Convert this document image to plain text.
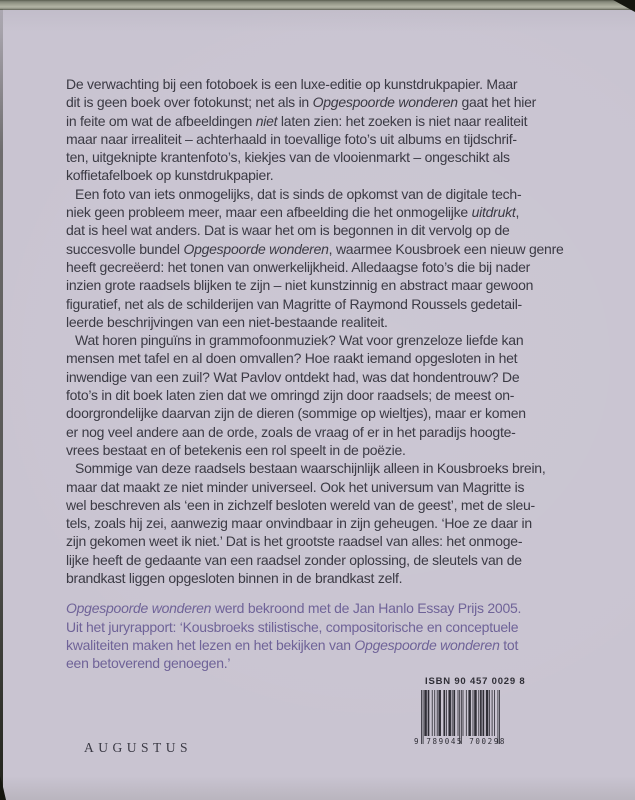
De verwachting bij een fotoboek is een luxe-editie op kunstdrukpapier. Maar
dit is geen boek over fotokunst; net als in Opgespoorde wonderen gaat het hier
in feite om wat de afbeeldingen niet laten zien: het zoeken is niet naar realiteit
maar naar irrealiteit – achterhaald in toevallige foto’s uit albums en tijdschrif-
ten, uitgeknipte krantenfoto’s, kiekjes van de vlooienmarkt – ongeschikt als
koffietafelboek op kunstdrukpapier.
Een foto van iets onmogelijks, dat is sinds de opkomst van de digitale tech-
niek geen probleem meer, maar een afbeelding die het onmogelijke uitdrukt,
dat is heel wat anders. Dat is waar het om is begonnen in dit vervolg op de
succesvolle bundel Opgespoorde wonderen, waarmee Kousbroek een nieuw genre
heeft gecreëerd: het tonen van onwerkelijkheid. Alledaagse foto’s die bij nader
inzien grote raadsels blijken te zijn – niet kunstzinnig en abstract maar gewoon
figuratief, net als de schilderijen van Magritte of Raymond Roussels gedetail-
leerde beschrijvingen van een niet-bestaande realiteit.
Wat horen pinguïns in grammofoonmuziek? Wat voor grenzeloze liefde kan
mensen met tafel en al doen omvallen? Hoe raakt iemand opgesloten in het
inwendige van een zuil? Wat Pavlov ontdekt had, was dat hondentrouw? De
foto’s in dit boek laten zien dat we omringd zijn door raadsels; de meest on-
doorgrondelijke daarvan zijn de dieren (sommige op wieltjes), maar er komen
er nog veel andere aan de orde, zoals de vraag of er in het paradijs hoogte-
vrees bestaat en of betekenis een rol speelt in de poëzie.
Sommige van deze raadsels bestaan waarschijnlijk alleen in Kousbroeks brein,
maar dat maakt ze niet minder universeel. Ook het universum van Magritte is
wel beschreven als ‘een in zichzelf besloten wereld van de geest’, met de sleu-
tels, zoals hij zei, aanwezig maar onvindbaar in zijn geheugen. ‘Hoe ze daar in
zijn gekomen weet ik niet.’ Dat is het grootste raadsel van alles: het onmoge-
lijke heeft de gedaante van een raadsel zonder oplossing, de sleutels van de
brandkast liggen opgesloten binnen in de brandkast zelf.
Opgespoorde wonderen werd bekroond met de Jan Hanlo Essay Prijs 2005.
Uit het juryrapport: ‘Kousbroeks stilistische, compositorische en conceptuele
kwaliteiten maken het lezen en het bekijken van Opgespoorde wonderen tot
een betoverend genoegen.’
ISBN 90 457 0029 8
9 789045 700298
AUGUSTUS
